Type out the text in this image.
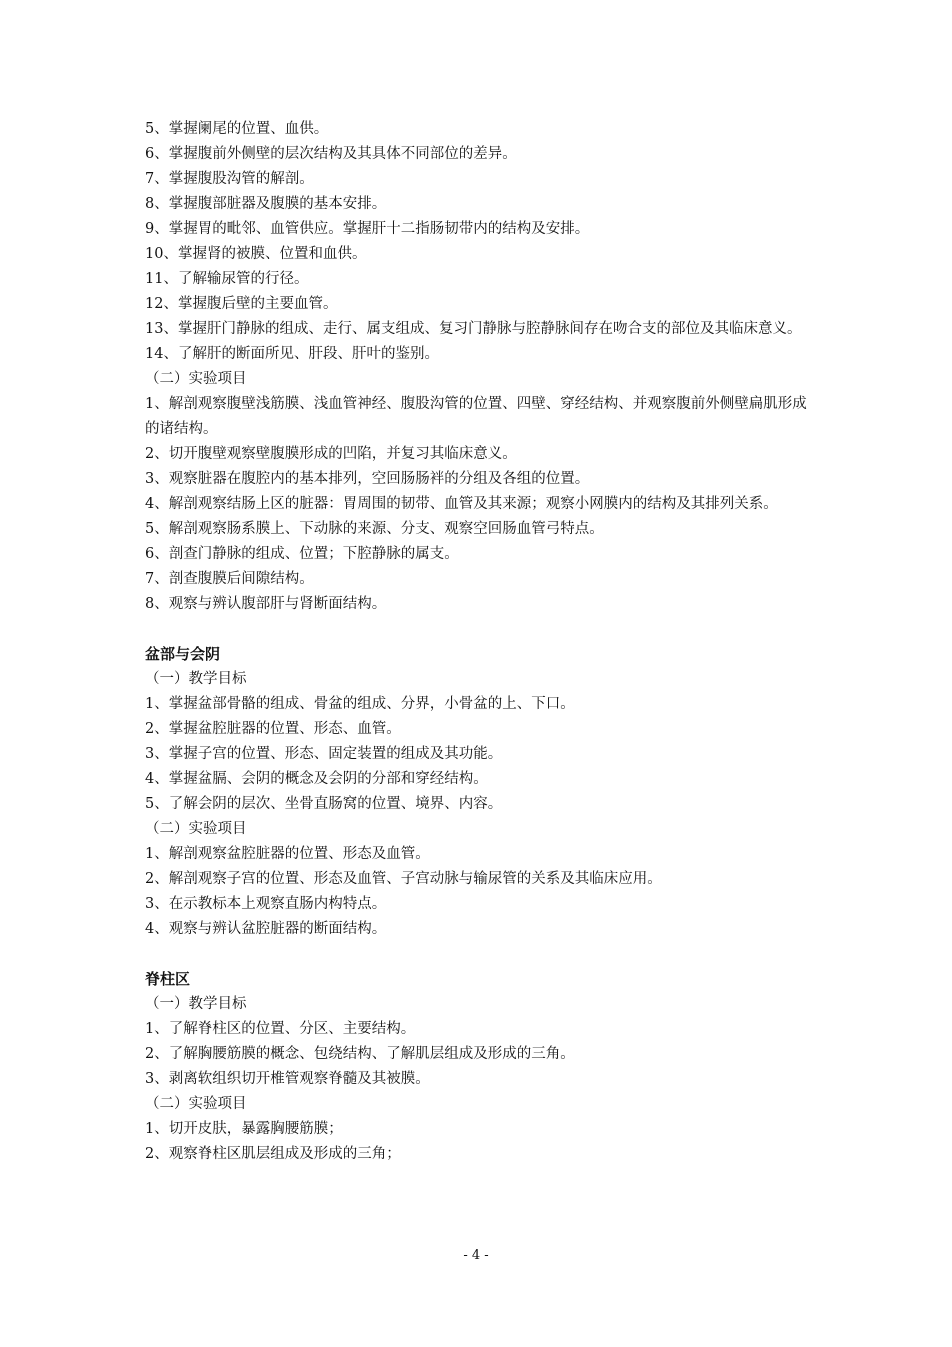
5、掌握阑尾的位置、血供。

6、掌握腹前外侧壁的层次结构及其具体不同部位的差异。

7、掌握腹股沟管的解剖。

8、掌握腹部脏器及腹膜的基本安排。

9、掌握胃的毗邻、血管供应。掌握肝十二指肠韧带内的结构及安排。

10、掌握肾的被膜、位置和血供。

11、了解输尿管的行径。

12、掌握腹后壁的主要血管。

13、掌握肝门静脉的组成、走行、属支组成、复习门静脉与腔静脉间存在吻合支的部位及其临床意义。

14、了解肝的断面所见、肝段、肝叶的鉴别。

（二）实验项目

1、解剖观察腹壁浅筋膜、浅血管神经、腹股沟管的位置、四壁、穿经结构、并观察腹前外侧壁扁肌形成的诸结构。

2、切开腹壁观察壁腹膜形成的凹陷，并复习其临床意义。

3、观察脏器在腹腔内的基本排列，空回肠肠袢的分组及各组的位置。

4、解剖观察结肠上区的脏器：胃周围的韧带、血管及其来源；观察小网膜内的结构及其排列关系。

5、解剖观察肠系膜上、下动脉的来源、分支、观察空回肠血管弓特点。

6、剖查门静脉的组成、位置；下腔静脉的属支。

7、剖查腹膜后间隙结构。

8、观察与辨认腹部肝与肾断面结构。

盆部与会阴

（一）教学目标

1、掌握盆部骨骼的组成、骨盆的组成、分界，小骨盆的上、下口。

2、掌握盆腔脏器的位置、形态、血管。

3、掌握子宫的位置、形态、固定装置的组成及其功能。

4、掌握盆膈、会阴的概念及会阴的分部和穿经结构。

5、了解会阴的层次、坐骨直肠窝的位置、境界、内容。

（二）实验项目

1、解剖观察盆腔脏器的位置、形态及血管。

2、解剖观察子宫的位置、形态及血管、子宫动脉与输尿管的关系及其临床应用。

3、在示教标本上观察直肠内构特点。

4、观察与辨认盆腔脏器的断面结构。

脊柱区

（一）教学目标

1、了解脊柱区的位置、分区、主要结构。

2、了解胸腰筋膜的概念、包绕结构、了解肌层组成及形成的三角。

3、剥离软组织切开椎管观察脊髓及其被膜。

（二）实验项目

1、切开皮肤，暴露胸腰筋膜；

2、观察脊柱区肌层组成及形成的三角；

- 4 -
